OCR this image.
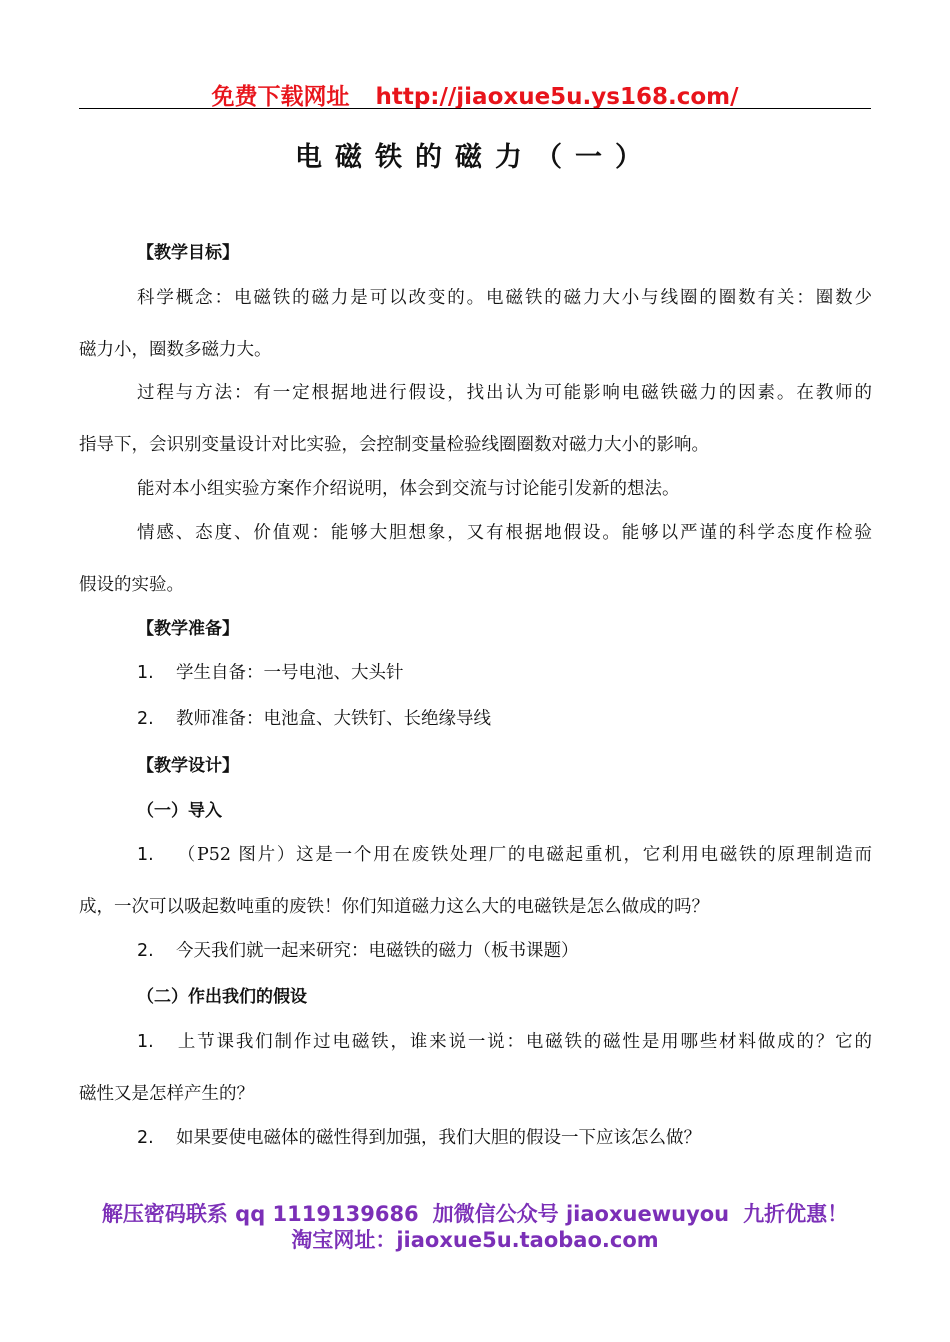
免费下载网址 http://jiaoxue5u.ys168.com/
电磁铁的磁力（一）
【教学目标】
科学概念：电磁铁的磁力是可以改变的。电磁铁的磁力大小与线圈的圈数有关：圈数少
磁力小，圈数多磁力大。
过程与方法：有一定根据地进行假设，找出认为可能影响电磁铁磁力的因素。在教师的
指导下，会识别变量设计对比实验，会控制变量检验线圈圈数对磁力大小的影响。
能对本小组实验方案作介绍说明，体会到交流与讨论能引发新的想法。
情感、态度、价值观：能够大胆想象，又有根据地假设。能够以严谨的科学态度作检验
假设的实验。
【教学准备】
1. 学生自备：一号电池、大头针
2. 教师准备：电池盒、大铁钉、长绝缘导线
【教学设计】
（一）导入
1. （P52 图片）这是一个用在废铁处理厂的电磁起重机，它利用电磁铁的原理制造而
成，一次可以吸起数吨重的废铁！你们知道磁力这么大的电磁铁是怎么做成的吗？
2. 今天我们就一起来研究：电磁铁的磁力（板书课题）
（二）作出我们的假设
1. 上节课我们制作过电磁铁，谁来说一说：电磁铁的磁性是用哪些材料做成的？它的
磁性又是怎样产生的？
2. 如果要使电磁体的磁性得到加强，我们大胆的假设一下应该怎么做？
解压密码联系 qq 1119139686 加微信公众号 jiaoxuewuyou 九折优惠！
淘宝网址：jiaoxue5u.taobao.com
